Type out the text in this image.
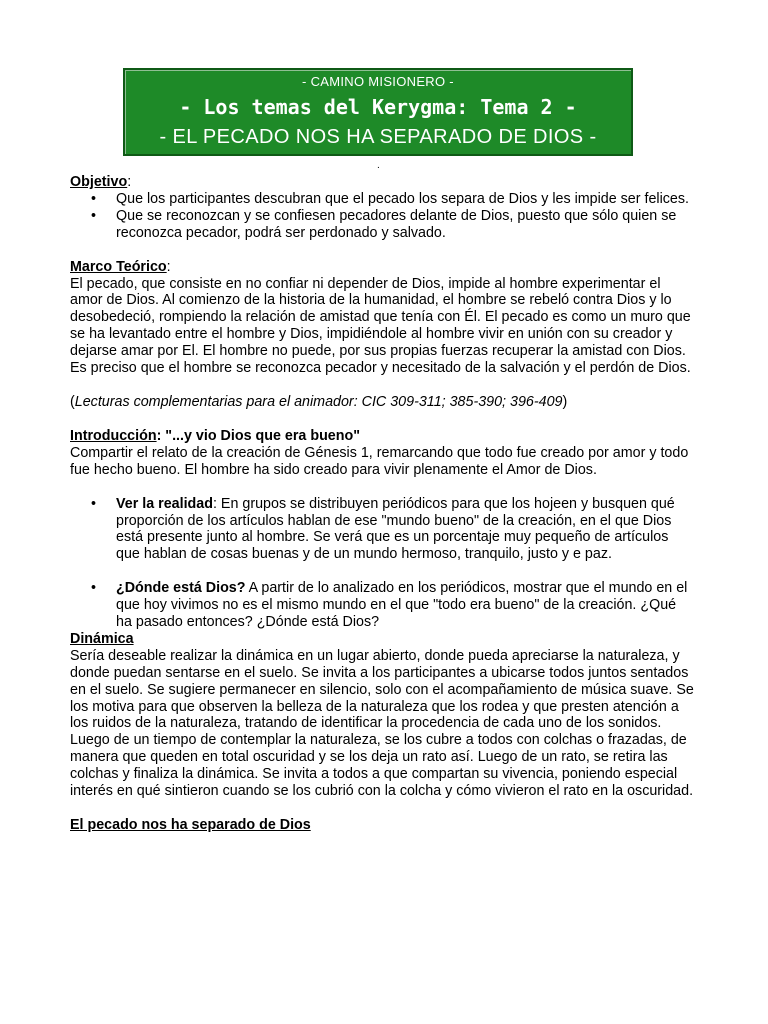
- CAMINO MISIONERO -
- Los temas del Kerygma: Tema 2 -
- EL PECADO NOS HA SEPARADO DE DIOS -
.

Objetivo:

• Que los participantes descubran que el pecado los separa de Dios y les impide ser felices.
• Que se reconozcan y se confiesen pecadores delante de Dios, puesto que sólo quien se reconozca pecador, podrá ser perdonado y salvado.

Marco Teórico:

El pecado, que consiste en no confiar ni depender de Dios, impide al hombre experimentar el amor de Dios. Al comienzo de la historia de la humanidad, el hombre se rebeló contra Dios y lo desobedeció, rompiendo la relación de amistad que tenía con Él. El pecado es como un muro que se ha levantado entre el hombre y Dios, impidiéndole al hombre vivir en unión con su creador y dejarse amar por El. El hombre no puede, por sus propias fuerzas recuperar la amistad con Dios. Es preciso que el hombre se reconozca pecador y necesitado de la salvación y el perdón de Dios.

(Lecturas complementarias para el animador: CIC 309-311; 385-390; 396-409)

Introducción: "...y vio Dios que era bueno"

Compartir el relato de la creación de Génesis 1, remarcando que todo fue creado por amor y todo fue hecho bueno. El hombre ha sido creado para vivir plenamente el Amor de Dios.

• Ver la realidad: En grupos se distribuyen periódicos para que los hojeen y busquen qué proporción de los artículos hablan de ese "mundo bueno" de la creación, en el que Dios está presente junto al hombre. Se verá que es un porcentaje muy pequeño de artículos que hablan de cosas buenas y de un mundo hermoso, tranquilo, justo y e paz.
• ¿Dónde está Dios? A partir de lo analizado en los periódicos, mostrar que el mundo en el que hoy vivimos no es el mismo mundo en el que "todo era bueno" de la creación. ¿Qué ha pasado entonces? ¿Dónde está Dios?

Dinámica

Sería deseable realizar la dinámica en un lugar abierto, donde pueda apreciarse la naturaleza, y donde puedan sentarse en el suelo. Se invita a los participantes a ubicarse todos juntos sentados en el suelo. Se sugiere permanecer en silencio, solo con el acompañamiento de música suave. Se los motiva para que observen la belleza de la naturaleza que los rodea y que presten atención a los ruidos de la naturaleza, tratando de identificar la procedencia de cada uno de los sonidos. Luego de un tiempo de contemplar la naturaleza, se los cubre a todos con colchas o frazadas, de manera que queden en total oscuridad y se los deja un rato así. Luego de un rato, se retira las colchas y finaliza la dinámica. Se invita a todos a que compartan su vivencia, poniendo especial interés en qué sintieron cuando se los cubrió con la colcha y cómo vivieron el rato en la oscuridad.

El pecado nos ha separado de Dios
